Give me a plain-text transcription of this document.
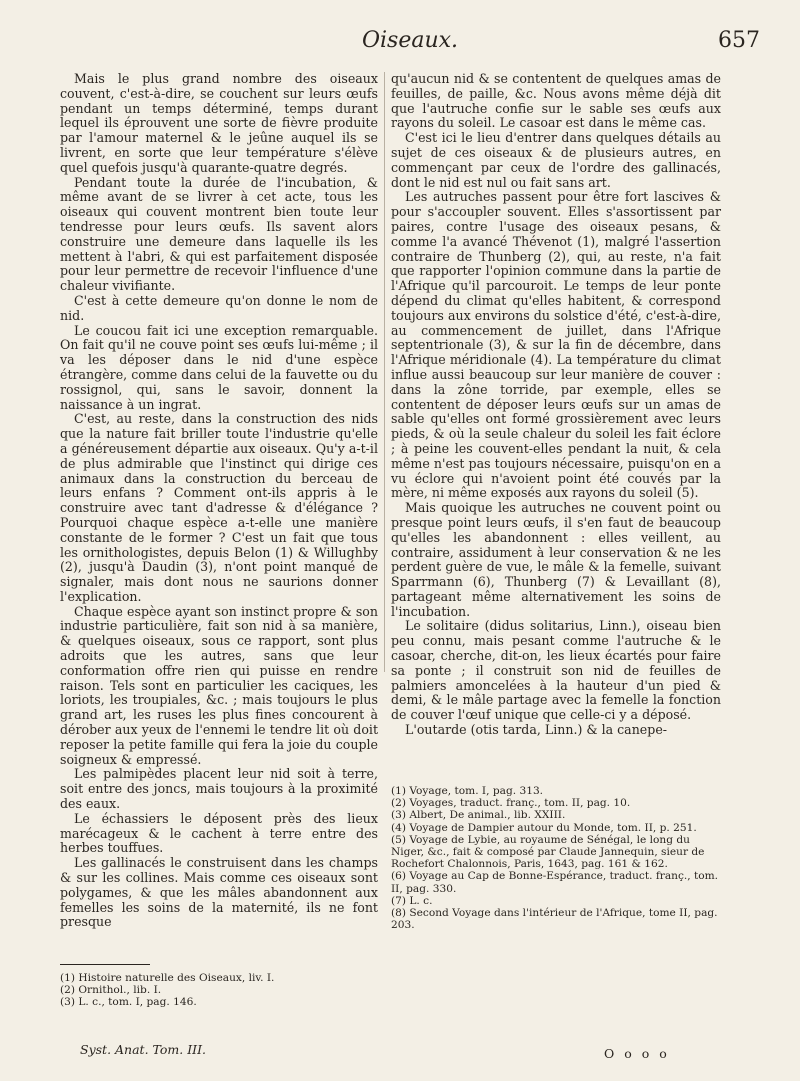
Oiseaux.	657

Mais le plus grand nombre des oiseaux couvent, c'est-à-dire, se couchent sur leurs œufs pendant un temps déterminé, temps durant lequel ils éprouvent une sorte de fièvre produite par l'amour maternel & le jeûne auquel ils se livrent, en sorte que leur température s'élève quel quefois jusqu'à quarante-quatre degrés.

Pendant toute la durée de l'incubation, & même avant de se livrer à cet acte, tous les oiseaux qui couvent montrent bien toute leur tendresse pour leurs œufs. Ils savent alors construire une demeure dans laquelle ils les mettent à l'abri, & qui est parfaitement disposée pour leur permettre de recevoir l'influence d'une chaleur vivifiante.

C'est à cette demeure qu'on donne le nom de nid.

Le coucou fait ici une exception remarquable. On fait qu'il ne couve point ses œufs lui-même ; il va les déposer dans le nid d'une espèce étrangère, comme dans celui de la fauvette ou du rossignol, qui, sans le savoir, donnent la naissance à un ingrat.

C'est, au reste, dans la construction des nids que la nature fait briller toute l'industrie qu'elle a généreusement départie aux oiseaux. Qu'y a-t-il de plus admirable que l'instinct qui dirige ces animaux dans la construction du berceau de leurs enfans ? Comment ont-ils appris à le construire avec tant d'adresse & d'élégance ? Pourquoi chaque espèce a-t-elle une manière constante de le former ? C'est un fait que tous les ornithologistes, depuis Belon (1) & Willughby (2), jusqu'à Daudin (3), n'ont point manqué de signaler, mais dont nous ne saurions donner l'explication.

Chaque espèce ayant son instinct propre & son industrie particulière, fait son nid à sa manière, & quelques oiseaux, sous ce rapport, sont plus adroits que les autres, sans que leur conformation offre rien qui puisse en rendre raison. Tels sont en particulier les caciques, les loriots, les troupiales, &c. ; mais toujours le plus grand art, les ruses les plus fines concourent à dérober aux yeux de l'ennemi le tendre lit où doit reposer la petite famille qui fera la joie du couple soigneux & empressé.

Les palmipèdes placent leur nid soit à terre, soit entre des joncs, mais toujours à la proximité des eaux.

Le échassiers le déposent près des lieux marécageux & le cachent à terre entre des herbes touffues.

Les gallinacés le construisent dans les champs & sur les collines. Mais comme ces oiseaux sont polygames, & que les mâles abandonnent aux femelles les soins de la maternité, ils ne font presque

qu'aucun nid & se contentent de quelques amas de feuilles, de paille, &c. Nous avons même déjà dit que l'autruche confie sur le sable ses œufs aux rayons du soleil. Le casoar est dans le même cas.

C'est ici le lieu d'entrer dans quelques détails au sujet de ces oiseaux & de plusieurs autres, en commençant par ceux de l'ordre des gallinacés, dont le nid est nul ou fait sans art.

Les autruches passent pour être fort lascives & pour s'accoupler souvent. Elles s'assortissent par paires, contre l'usage des oiseaux pesans, & comme l'a avancé Thévenot (1), malgré l'assertion contraire de Thunberg (2), qui, au reste, n'a fait que rapporter l'opinion commune dans la partie de l'Afrique qu'il parcouroit. Le temps de leur ponte dépend du climat qu'elles habitent, & correspond toujours aux environs du solstice d'été, c'est-à-dire, au commencement de juillet, dans l'Afrique septentrionale (3), & sur la fin de décembre, dans l'Afrique méridionale (4). La température du climat influe aussi beaucoup sur leur manière de couver : dans la zône torride, par exemple, elles se contentent de déposer leurs œufs sur un amas de sable qu'elles ont formé grossièrement avec leurs pieds, & où la seule chaleur du soleil les fait éclore ; à peine les couvent-elles pendant la nuit, & cela même n'est pas toujours nécessaire, puisqu'on en a vu éclore qui n'avoient point été couvés par la mère, ni même exposés aux rayons du soleil (5).

Mais quoique les autruches ne couvent point ou presque point leurs œufs, il s'en faut de beaucoup qu'elles les abandonnent : elles veillent, au contraire, assidument à leur conservation & ne les perdent guère de vue, le mâle & la femelle, suivant Sparrmann (6), Thunberg (7) & Levaillant (8), partageant même alternativement les soins de l'incubation.

Le solitaire (didus solitarius, Linn.), oiseau bien peu connu, mais pesant comme l'autruche & le casoar, cherche, dit-on, les lieux écartés pour faire sa ponte ; il construit son nid de feuilles de palmiers amoncelées à la hauteur d'un pied & demi, & le mâle partage avec la femelle la fonction de couver l'œuf unique que celle-ci y a déposé.

L'outarde (otis tarda, Linn.) & la canepe-

(1) Voyage, tom. I, pag. 313.
(2) Voyages, traduct. franç., tom. II, pag. 10.
(3) Albert, De animal., lib. XXIII.
(4) Voyage de Dampier autour du Monde, tom. II, p. 251.
(5) Voyage de Lybie, au royaume de Sénégal, le long du Niger, &c., fait & composé par Claude Jannequin, sieur de Rochefort Chalonnois, Paris, 1643, pag. 161 & 162.
(6) Voyage au Cap de Bonne-Espérance, traduct. franç., tom. II, pag. 330.
(7) L. c.
(8) Second Voyage dans l'intérieur de l'Afrique, tome II, pag. 203.
(1) Histoire naturelle des Oiseaux, liv. I.
(2) Ornithol., lib. I.
(3) L. c., tom. I, pag. 146.
Syst. Anat. Tom. III.	O o o o
